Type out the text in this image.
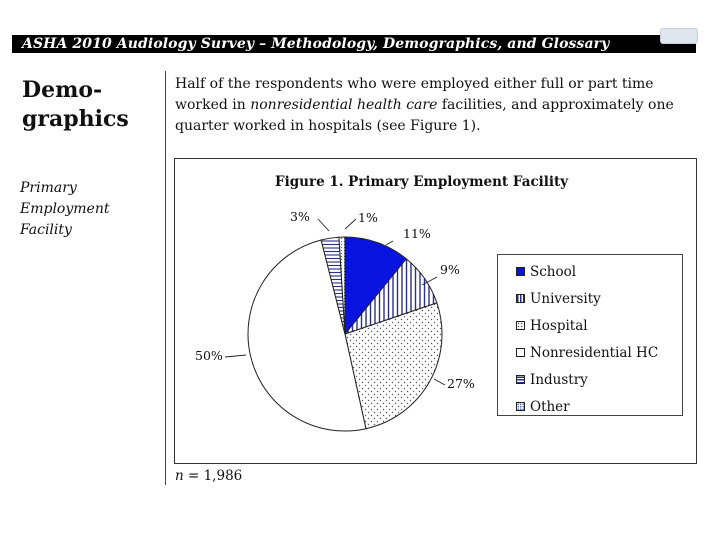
ASHA 2010 Audiology Survey – Methodology, Demographics, and Glossary
Demo-
graphics
Primary
Employment
Facility
Half of the respondents who were employed either full or part time worked in nonresidential health care facilities, and approximately one quarter worked in hospitals (see Figure 1).
Figure 1. Primary Employment Facility
11%
9%
27%
50%
3%	1%
School
University
Hospital
Nonresidential HC
Industry
Other
n = 1,986
